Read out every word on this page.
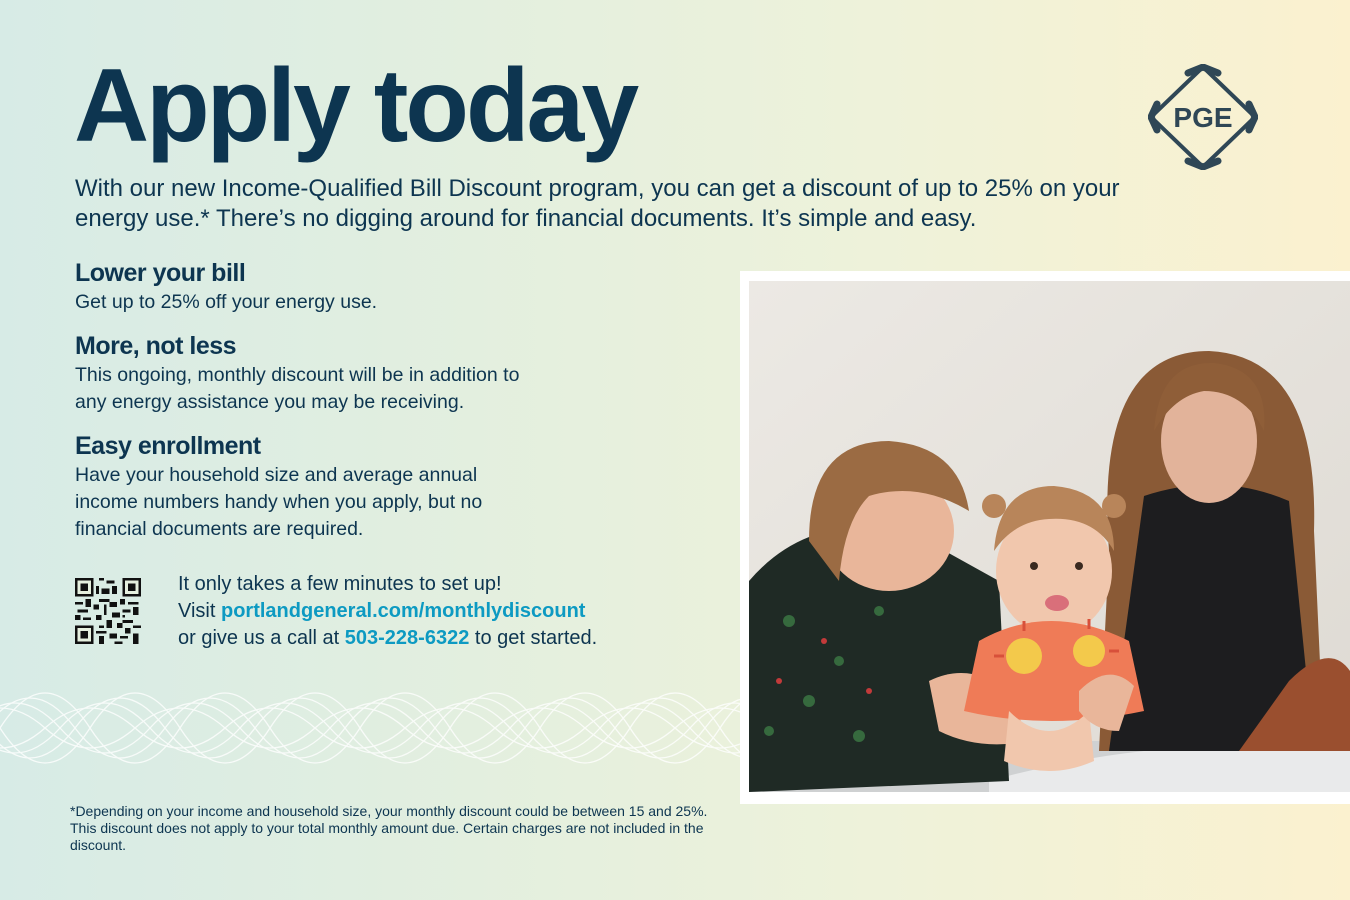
Apply today	PGE

With our new Income-Qualified Bill Discount program, you can get a discount of up to 25% on your energy use.* There’s no digging around for financial documents. It’s simple and easy.

Lower your bill

Get up to 25% off your energy use.

More, not less

This ongoing, monthly discount will be in addition to any energy assistance you may be receiving.

Easy enrollment

Have your household size and average annual income numbers handy when you apply, but no financial documents are required.

It only takes a few minutes to set up!
Visit portlandgeneral.com/monthlydiscount
or give us a call at 503-228-6322 to get started.

*Depending on your income and household size, your monthly discount could be between 15 and 25%. This discount does not apply to your total monthly amount due. Certain charges are not included in the discount.
